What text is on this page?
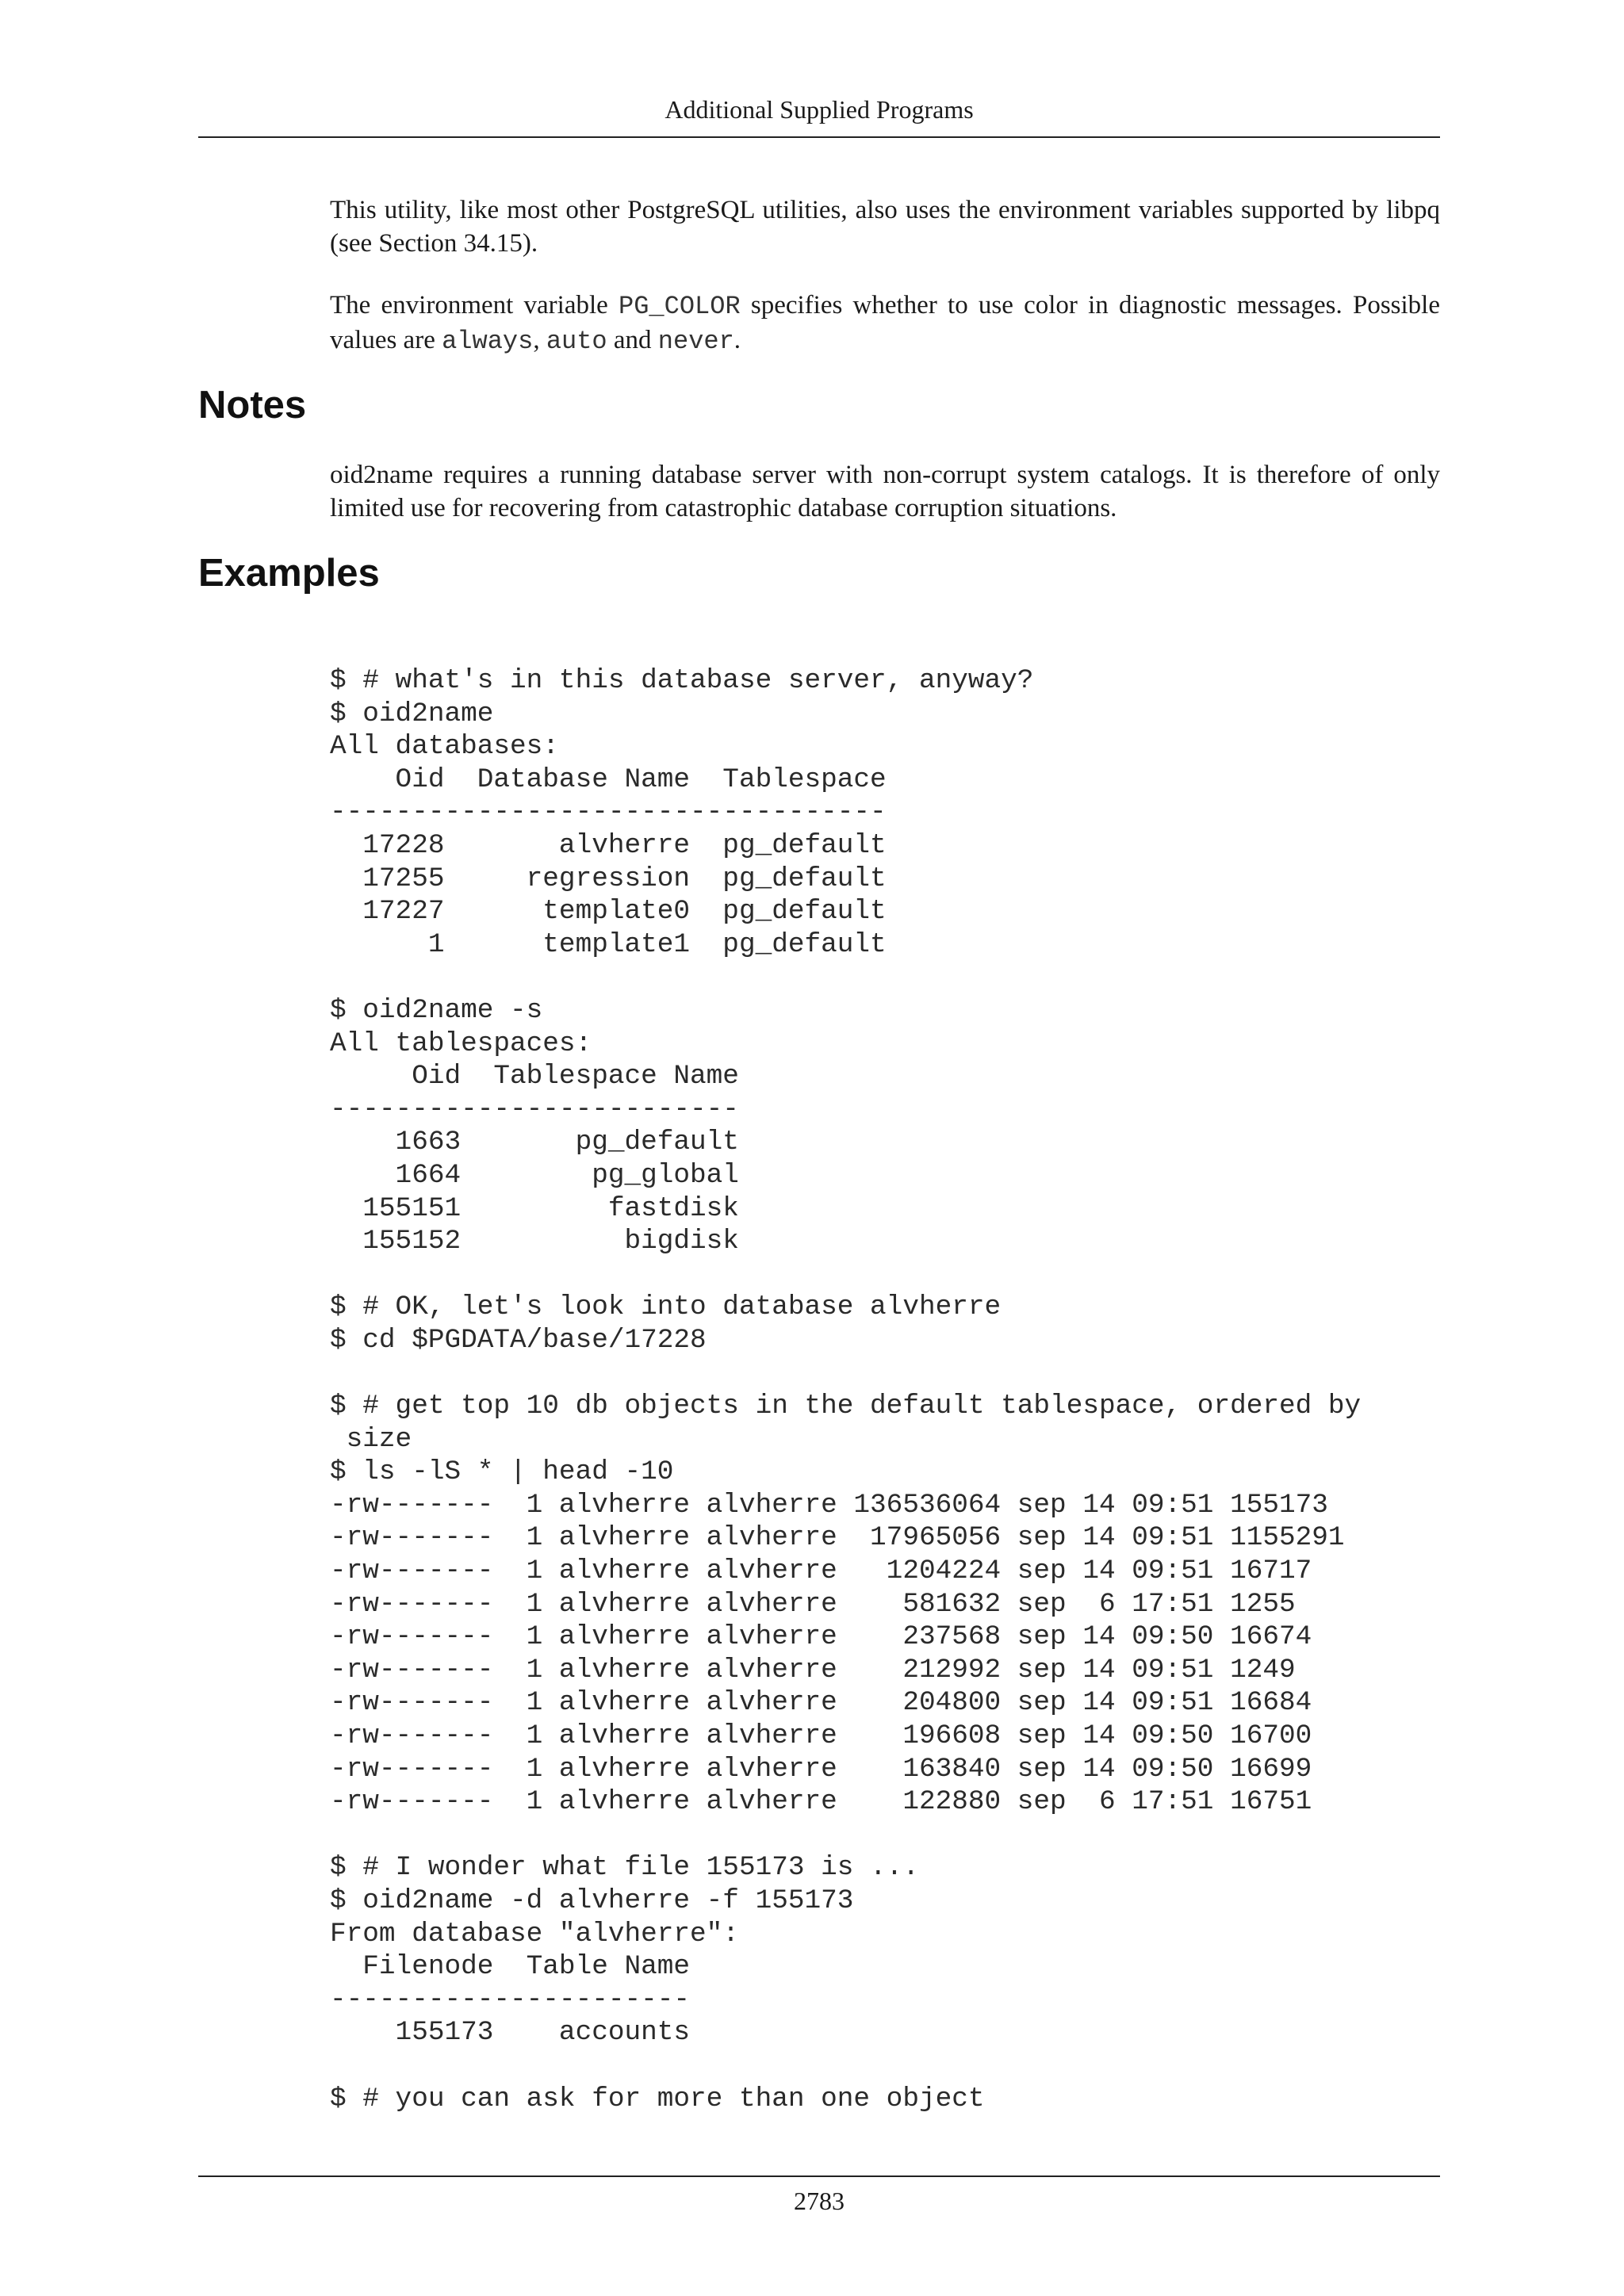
Additional Supplied Programs

This utility, like most other PostgreSQL utilities, also uses the environment variables supported by libpq (see Section 34.15).

The environment variable PG_COLOR specifies whether to use color in diagnostic messages. Possible values are always, auto and never.

Notes

oid2name requires a running database server with non-corrupt system catalogs. It is therefore of only limited use for recovering from catastrophic database corruption situations.

Examples
$ # what's in this database server, anyway?
$ oid2name
All databases:
Oid  Database Name  Tablespace
----------------------------------
17228       alvherre  pg_default
17255     regression  pg_default
17227      template0  pg_default
1      template1  pg_default

$ oid2name -s
All tablespaces:
Oid  Tablespace Name
-------------------------
1663       pg_default
1664        pg_global
155151         fastdisk
155152          bigdisk

$ # OK, let's look into database alvherre
$ cd $PGDATA/base/17228

$ # get top 10 db objects in the default tablespace, ordered by
size
$ ls -lS * | head -10
-rw-------  1 alvherre alvherre 136536064 sep 14 09:51 155173
-rw-------  1 alvherre alvherre  17965056 sep 14 09:51 1155291
-rw-------  1 alvherre alvherre   1204224 sep 14 09:51 16717
-rw-------  1 alvherre alvherre    581632 sep  6 17:51 1255
-rw-------  1 alvherre alvherre    237568 sep 14 09:50 16674
-rw-------  1 alvherre alvherre    212992 sep 14 09:51 1249
-rw-------  1 alvherre alvherre    204800 sep 14 09:51 16684
-rw-------  1 alvherre alvherre    196608 sep 14 09:50 16700
-rw-------  1 alvherre alvherre    163840 sep 14 09:50 16699
-rw-------  1 alvherre alvherre    122880 sep  6 17:51 16751

$ # I wonder what file 155173 is ...
$ oid2name -d alvherre -f 155173
From database "alvherre":
Filenode  Table Name
----------------------
155173    accounts

$ # you can ask for more than one object

2783
